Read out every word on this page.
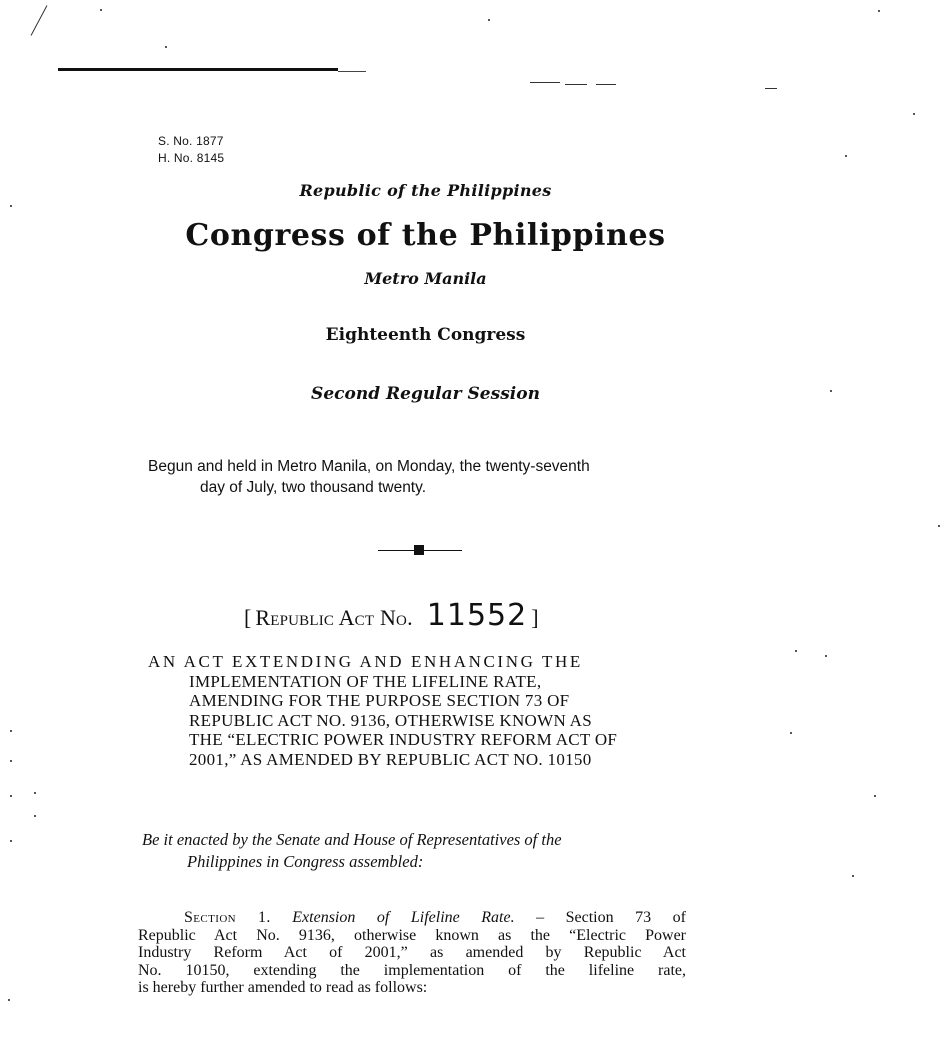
S. No. 1877
H. No. 8145
Republic of the Philippines
Congress of the Philippines
Metro Manila
Eighteenth Congress
Second Regular Session
Begun and held in Metro Manila, on Monday, the twenty-seventh
day of July, two thousand twenty.
[ Republic Act No. 11552 ]
AN ACT EXTENDING AND ENHANCING THE
IMPLEMENTATION OF THE LIFELINE RATE,
AMENDING FOR THE PURPOSE SECTION 73 OF
REPUBLIC ACT NO. 9136, OTHERWISE KNOWN AS
THE “ELECTRIC POWER INDUSTRY REFORM ACT OF
2001,” AS AMENDED BY REPUBLIC ACT NO. 10150
Be it enacted by the Senate and House of Representatives of the
Philippines in Congress assembled:
Section 1. Extension of Lifeline Rate. – Section 73 of
Republic Act No. 9136, otherwise known as the “Electric Power
Industry Reform Act of 2001,” as amended by Republic Act
No. 10150, extending the implementation of the lifeline rate,
is hereby further amended to read as follows:
